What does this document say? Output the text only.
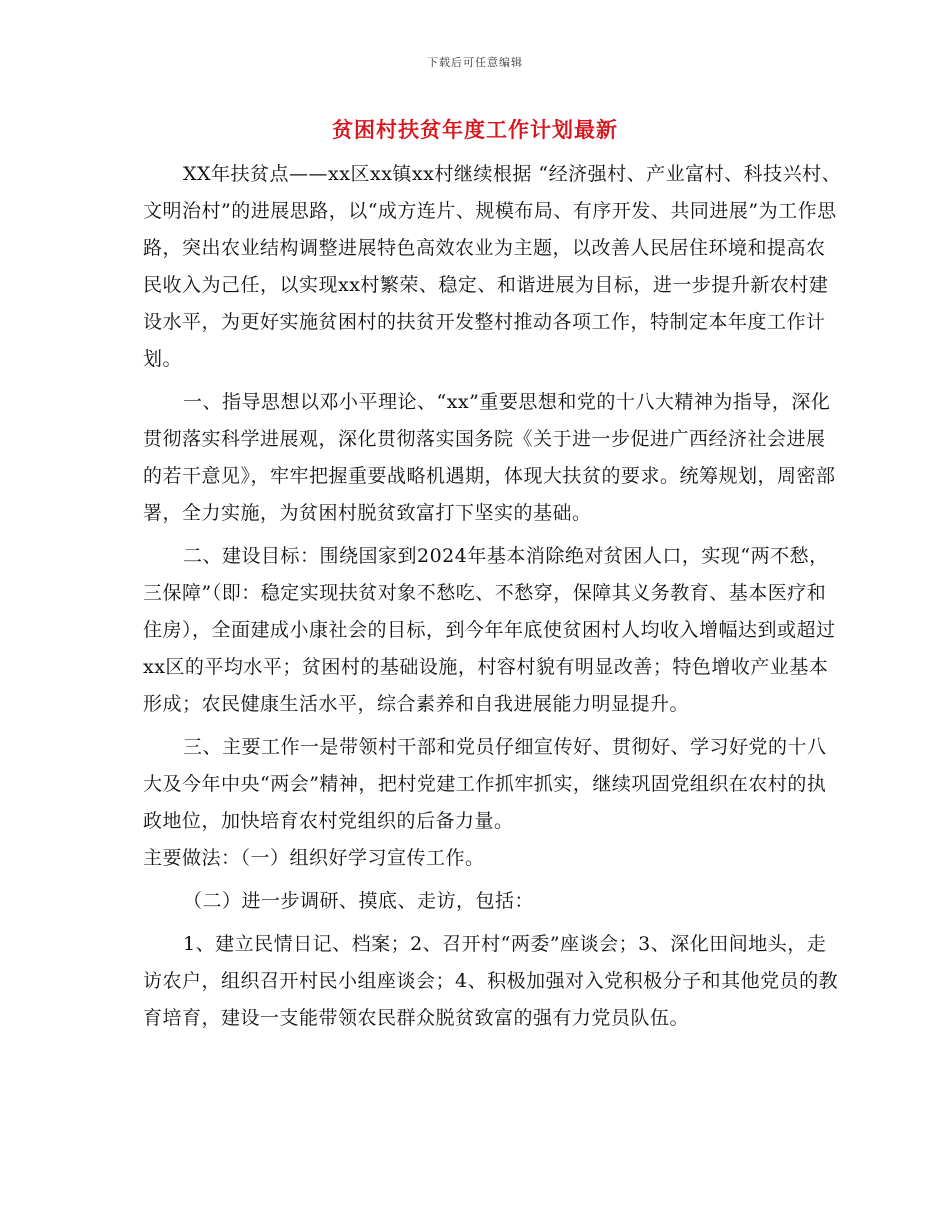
下载后可任意编辑
贫困村扶贫年度工作计划最新

XX年扶贫点——xx区xx镇xx村继续根据 “经济强村、产业富村、科技兴村、文明治村”的进展思路，以“成方连片、规模布局、有序开发、共同进展”为工作思路，突出农业结构调整进展特色高效农业为主题，以改善人民居住环境和提高农民收入为己任，以实现xx村繁荣、稳定、和谐进展为目标，进一步提升新农村建设水平，为更好实施贫困村的扶贫开发整村推动各项工作，特制定本年度工作计划。

一、指导思想以邓小平理论、“xx”重要思想和党的十八大精神为指导，深化贯彻落实科学进展观，深化贯彻落实国务院《关于进一步促进广西经济社会进展的若干意见》，牢牢把握重要战略机遇期，体现大扶贫的要求。统筹规划，周密部署，全力实施，为贫困村脱贫致富打下坚实的基础。

二、建设目标：围绕国家到2024年基本消除绝对贫困人口，实现“两不愁，三保障”（即：稳定实现扶贫对象不愁吃、不愁穿，保障其义务教育、基本医疗和住房），全面建成小康社会的目标，到今年年底使贫困村人均收入增幅达到或超过xx区的平均水平；贫困村的基础设施，村容村貌有明显改善；特色增收产业基本形成；农民健康生活水平，综合素养和自我进展能力明显提升。

三、主要工作一是带领村干部和党员仔细宣传好、贯彻好、学习好党的十八大及今年中央“两会”精神，把村党建工作抓牢抓实，继续巩固党组织在农村的执政地位，加快培育农村党组织的后备力量。

主要做法：（一）组织好学习宣传工作。

（二）进一步调研、摸底、走访，包括：

1、建立民情日记、档案；2、召开村“两委”座谈会；3、深化田间地头，走访农户，组织召开村民小组座谈会；4、积极加强对入党积极分子和其他党员的教育培育，建设一支能带领农民群众脱贫致富的强有力党员队伍。
